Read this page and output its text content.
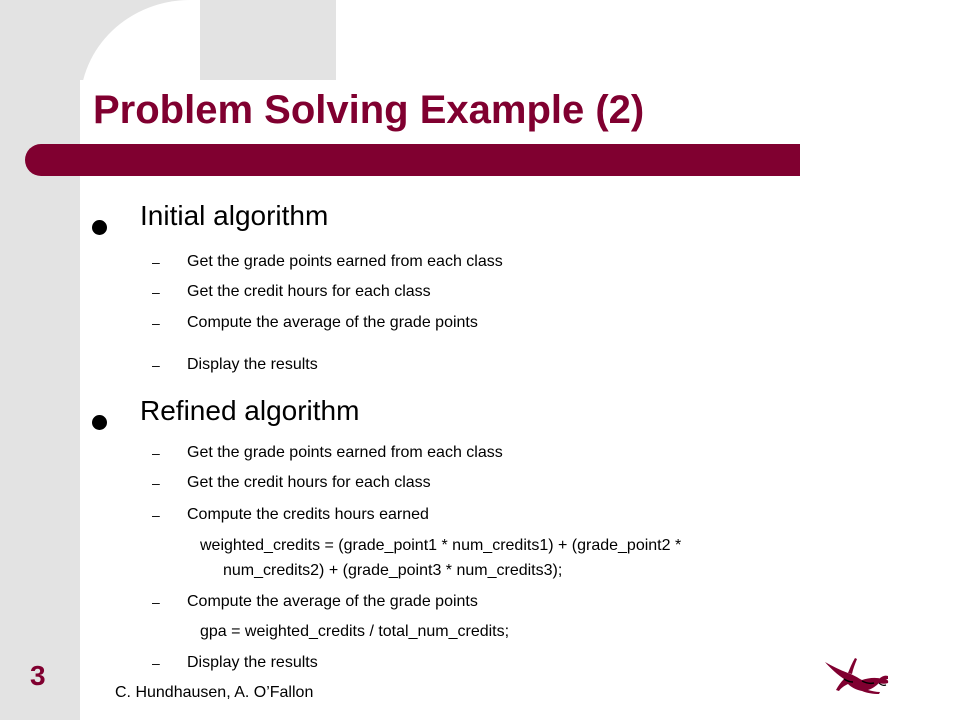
Problem Solving Example (2)
Initial algorithm
– Get the grade points earned from each class
– Get the credit hours for each class
– Compute the average of the grade points
– Display the results
Refined algorithm
– Get the grade points earned from each class
– Get the credit hours for each class
– Compute the credits hours earned
weighted_credits = (grade_point1 * num_credits1) + (grade_point2 *
num_credits2) + (grade_point3 * num_credits3);
– Compute the average of the grade points
gpa = weighted_credits / total_num_credits;
– Display the results
3
C. Hundhausen, A. O’Fallon
